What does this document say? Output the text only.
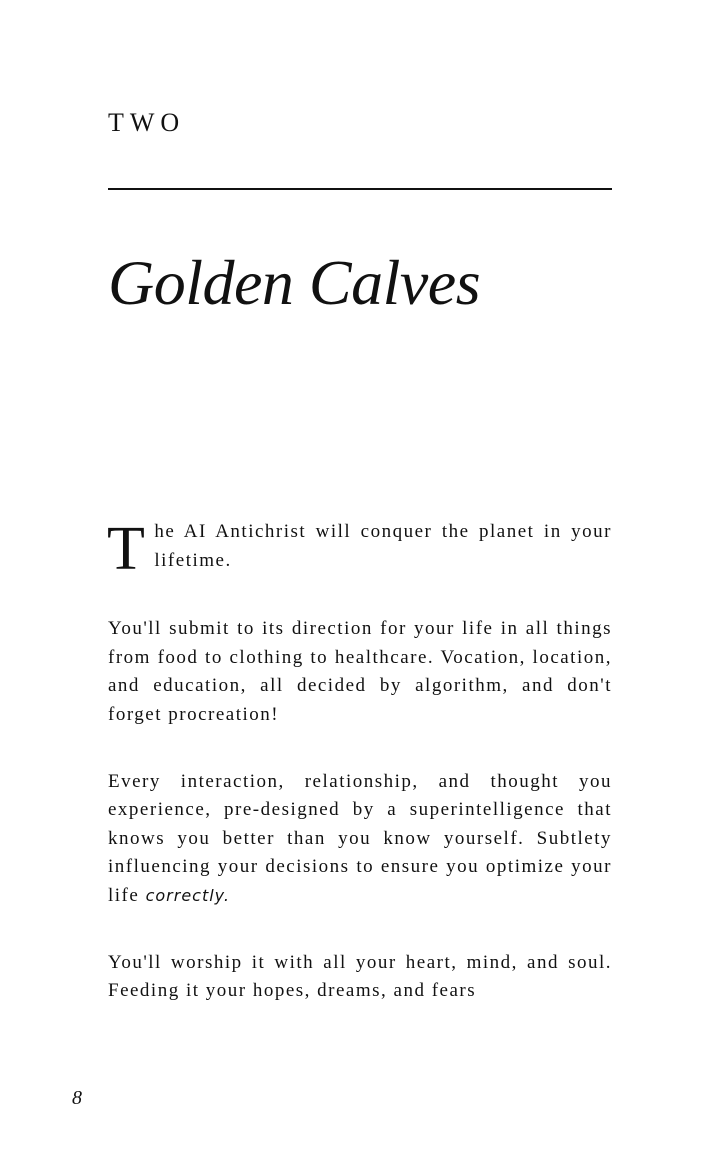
TWO
Golden Calves

The AI Antichrist will conquer the planet in your lifetime.

You'll submit to its direction for your life in all things from food to clothing to healthcare. Vocation, location, and education, all decided by algorithm, and don't forget procreation!

Every interaction, relationship, and thought you experience, pre-designed by a superintelligence that knows you better than you know yourself. Subtlety influencing your decisions to ensure you optimize your life correctly.

You'll worship it with all your heart, mind, and soul. Feeding it your hopes, dreams, and fears

8
